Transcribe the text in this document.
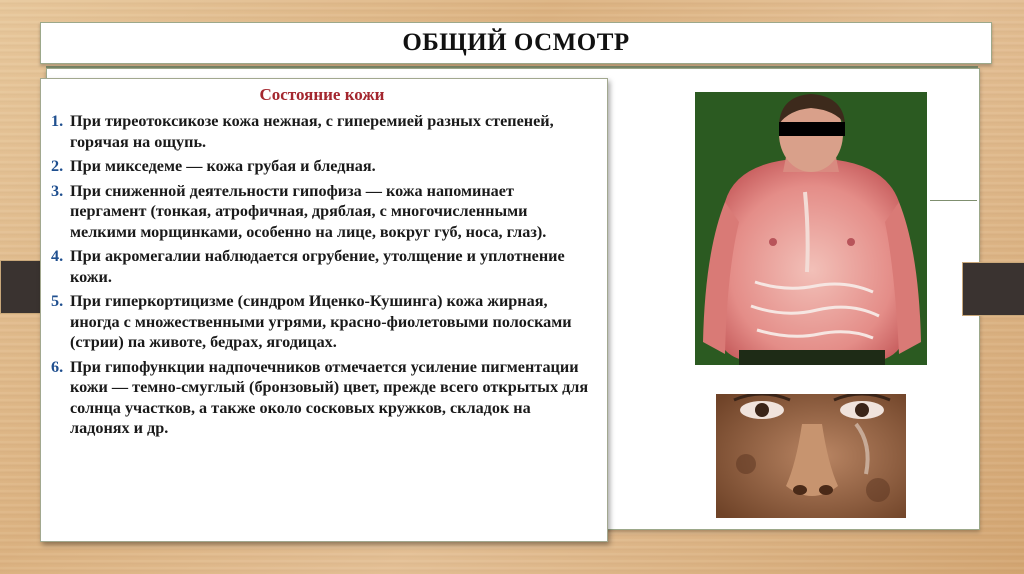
ОБЩИЙ ОСМОТР
Состояние кожи
1. При тиреотоксикозе кожа нежная, с гиперемией разных степеней, горячая на ощупь.
2. При микседеме — кожа грубая и бледная.
3. При сниженной деятельности гипофиза — кожа напоминает пергамент (тонкая, атрофичная, дряблая, с многочисленными мелкими морщинками, особенно на лице, вокруг губ, носа, глаз).
4. При акромегалии наблюдается огрубение, утолщение и уплотнение кожи.
5. При гиперкортицизме (синдром Иценко-Кушинга) кожа жирная, иногда с множественными угрями, красно-фиолетовыми полосками (стрии) па животе, бедрах, ягодицах.
6. При гипофункции надпочечников отмечается усиление пигментации кожи — темно-смуглый (бронзовый) цвет, прежде всего открытых для солнца участков, а также около сосковых кружков, складок на ладонях и др.
